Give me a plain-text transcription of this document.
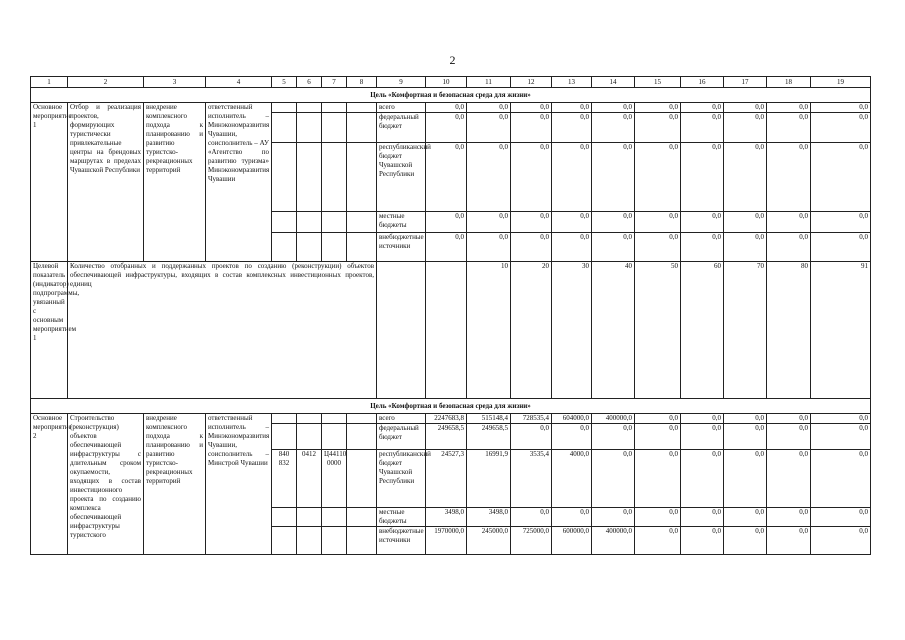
2
1	2	3	4	5	6	7	8	9	10	11	12	13	14	15	16	17	18	19
Цель «Комфортная и безопасная среда для жизни»																		
Основное мероприятие 1	Отбор и реализация проектов, формирующих туристически привлекательные центры на брендовых маршрутах в пределах Чувашской Республики	внедрение комплексного подхода к планированию и развитию туристско-рекреационных территорий	ответственный исполнитель – Минэкономразвития Чувашии, соисполнитель – АУ «Агентство по развитию туризма» Минэкономразвития Чувашии					всего	0,0	0,0	0,0	0,0	0,0	0,0	0,0	0,0	0,0	0,0
								федеральный бюджет	0,0	0,0	0,0	0,0	0,0	0,0	0,0	0,0	0,0	0,0
								республиканский бюджет Чувашской Республики	0,0	0,0	0,0	0,0	0,0	0,0	0,0	0,0	0,0	0,0
								местные бюджеты	0,0	0,0	0,0	0,0	0,0	0,0	0,0	0,0	0,0	0,0
								внебюджетные источники	0,0	0,0	0,0	0,0	0,0	0,0	0,0	0,0	0,0	0,0
Целевой показатель (индикатор) подпрограммы, увязанный с основным мероприятием 1	Количество отобранных и поддержанных проектов по созданию (реконструкции) объектов обеспечивающей инфраструктуры, входящих в состав комплексных инвестиционных проектов, единиц									10	20	30	40	50	60	70	80	91
Цель «Комфортная и безопасная среда для жизни»																		
Основное мероприятие 2	Строительство (реконструкция) объектов обеспечивающей инфраструктуры с длительным сроком окупаемости, входящих в состав инвестиционного проекта по созданию комплекса обеспечивающей инфраструктуры туристского	внедрение комплексного подхода к планированию и развитию туристско-рекреационных территорий	ответственный исполнитель – Минэкономразвития Чувашии, соисполнитель – Минстрой Чувашии					всего	2247683,8	515148,4	728535,4	604000,0	400000,0	0,0	0,0	0,0	0,0	0,0
								федеральный бюджет	249658,5	249658,5	0,0	0,0	0,0	0,0	0,0	0,0	0,0	0,0
				840 832	0412	Ц44110 0000		республиканский бюджет Чувашской Республики	24527,3	16991,9	3535,4	4000,0	0,0	0,0	0,0	0,0	0,0	0,0
								местные бюджеты	3498,0	3498,0	0,0	0,0	0,0	0,0	0,0	0,0	0,0	0,0
								внебюджетные источники	1970000,0	245000,0	725000,0	600000,0	400000,0	0,0	0,0	0,0	0,0	0,0
